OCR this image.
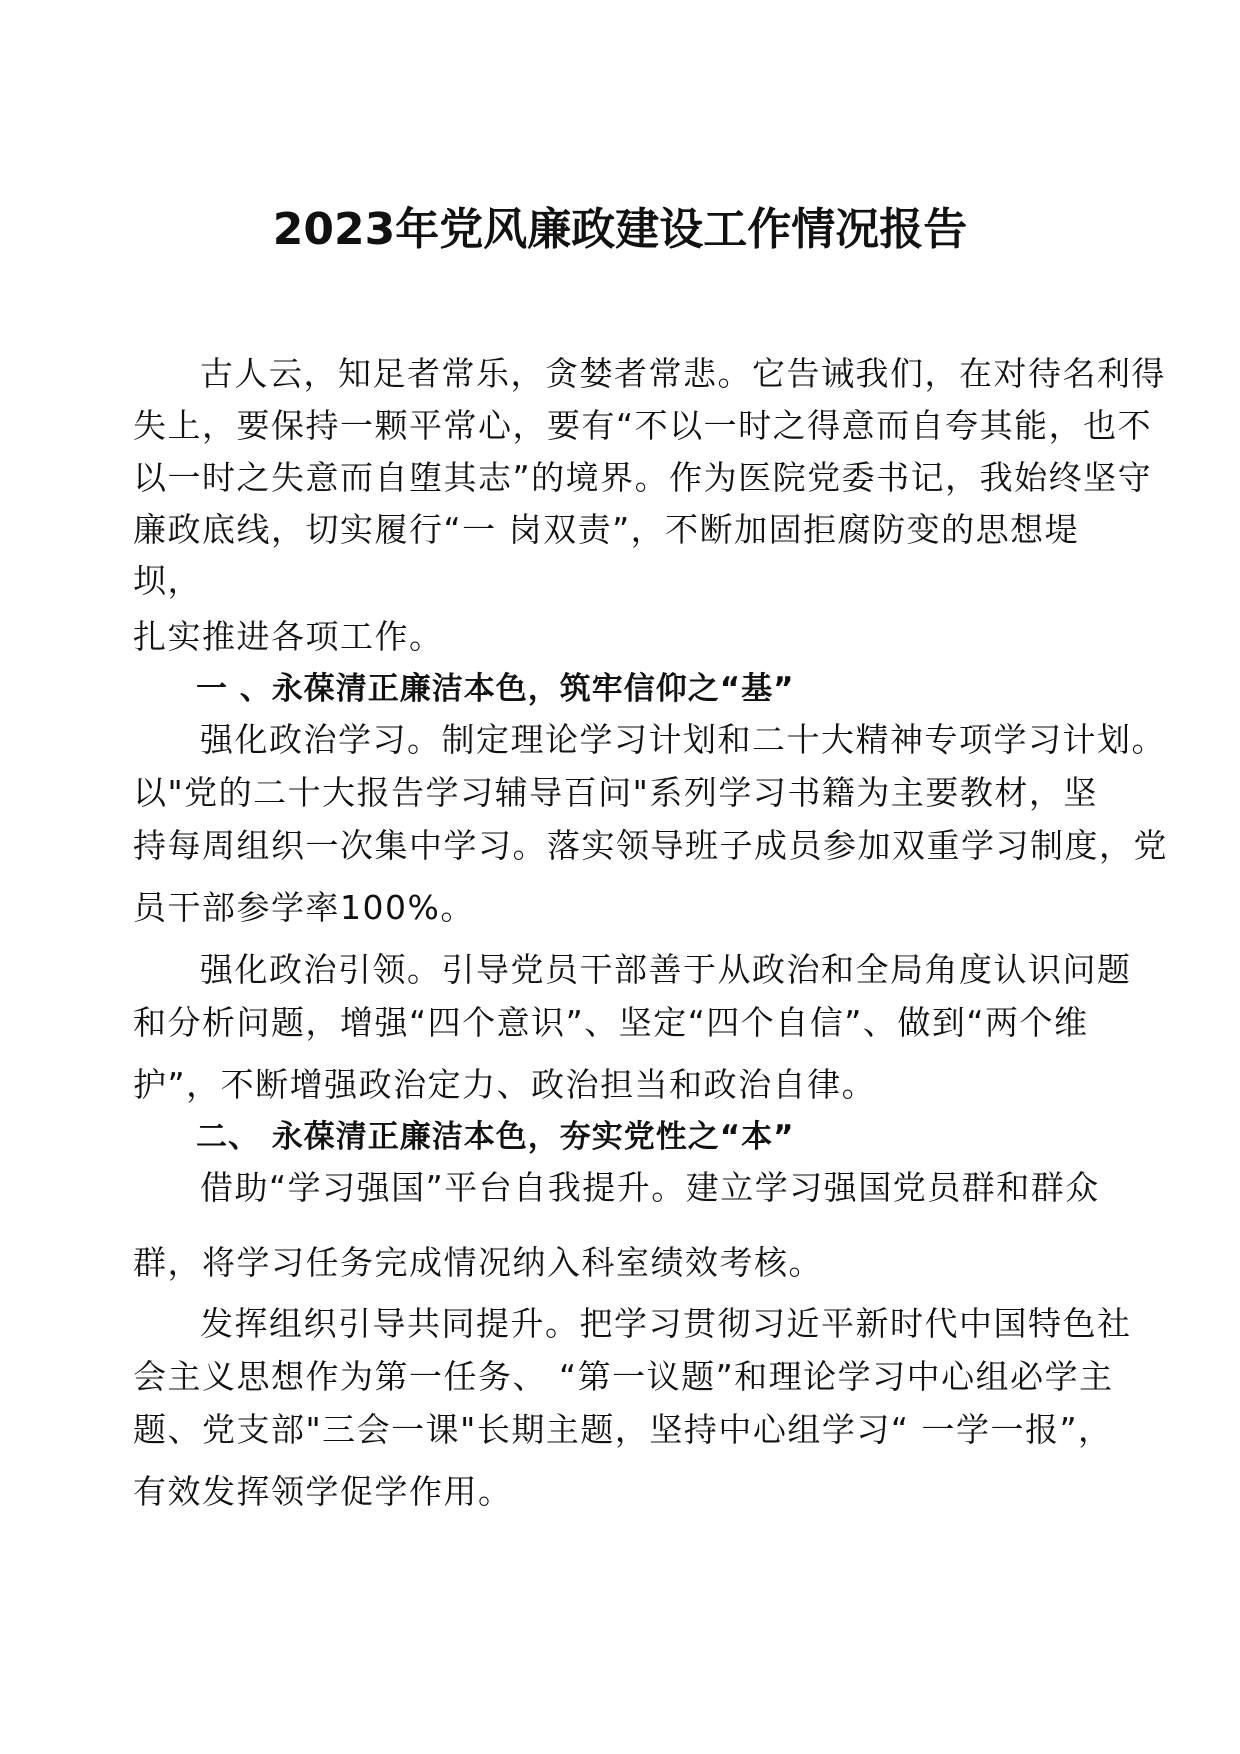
2023年党风廉政建设工作情况报告
古人云，知足者常乐，贪婪者常悲。它告诫我们，在对待名利得
失上，要保持一颗平常心，要有“不以一时之得意而自夸其能，也不
以一时之失意而自堕其志”的境界。作为医院党委书记，我始终坚守
廉政底线，切实履行“一 岗双责”，不断加固拒腐防变的思想堤
坝，
扎实推进各项工作。
一 、永葆清正廉洁本色，筑牢信仰之“基”
强化政治学习。制定理论学习计划和二十大精神专项学习计划。
以"党的二十大报告学习辅导百问"系列学习书籍为主要教材，坚
持每周组织一次集中学习。落实领导班子成员参加双重学习制度，党
员干部参学率100%。
强化政治引领。引导党员干部善于从政治和全局角度认识问题
和分析问题，增强“四个意识”、坚定“四个自信”、做到“两个维
护”，不断增强政治定力、政治担当和政治自律。
二、 永葆清正廉洁本色，夯实党性之“本”
借助“学习强国”平台自我提升。建立学习强国党员群和群众
群，将学习任务完成情况纳入科室绩效考核。
发挥组织引导共同提升。把学习贯彻习近平新时代中国特色社
会主义思想作为第一任务、 “第一议题”和理论学习中心组必学主
题、党支部"三会一课"长期主题，坚持中心组学习“ 一学一报”，
有效发挥领学促学作用。
